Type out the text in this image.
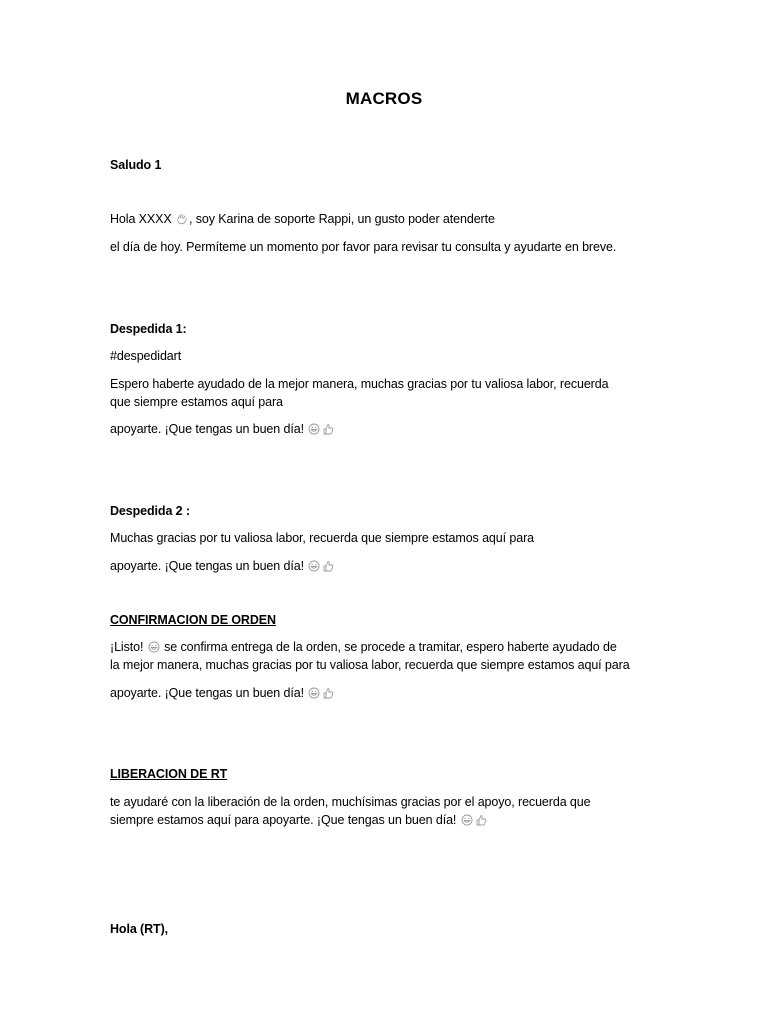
MACROS
Saludo 1
Hola XXXX , soy Karina de soporte Rappi, un gusto poder atenderte
el día de hoy. Permíteme un momento por favor para revisar tu consulta y ayudarte en breve.
Despedida 1:
#despedidart
Espero haberte ayudado de la mejor manera, muchas gracias por tu valiosa labor, recuerda
que siempre estamos aquí para
apoyarte. ¡Que tengas un buen día!
Despedida 2 :
Muchas gracias por tu valiosa labor, recuerda que siempre estamos aquí para
apoyarte. ¡Que tengas un buen día!
CONFIRMACION DE ORDEN
¡Listo! se confirma entrega de la orden, se procede a tramitar, espero haberte ayudado de
la mejor manera, muchas gracias por tu valiosa labor, recuerda que siempre estamos aquí para
apoyarte. ¡Que tengas un buen día!
LIBERACION DE RT
te ayudaré con la liberación de la orden, muchísimas gracias por el apoyo, recuerda que
siempre estamos aquí para apoyarte. ¡Que tengas un buen día!
Hola (RT),
